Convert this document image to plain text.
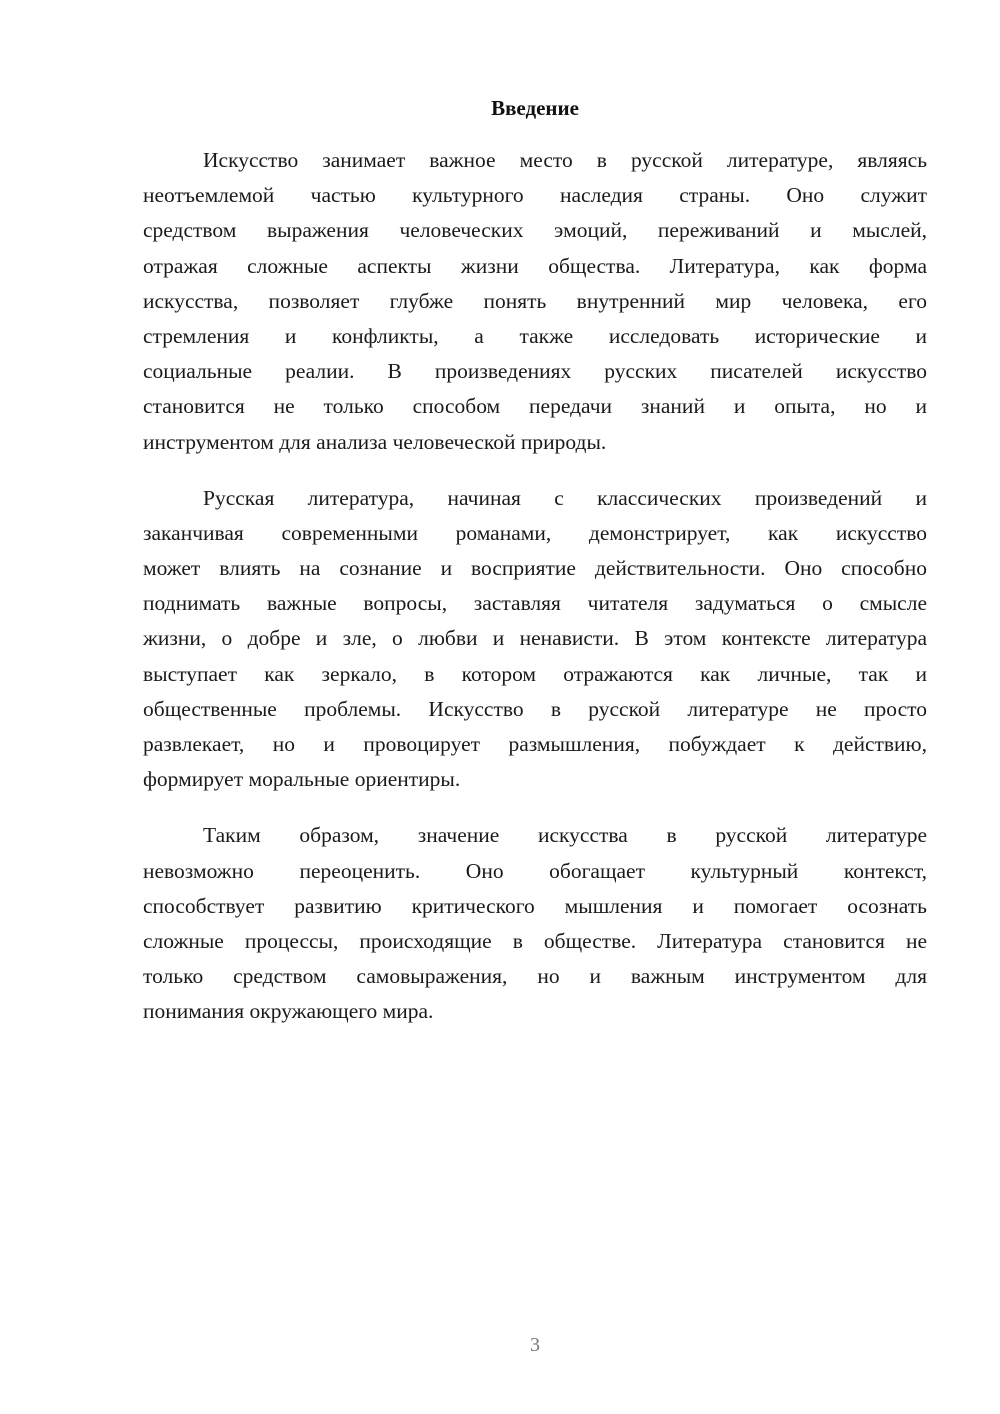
Введение
Искусство занимает важное место в русской литературе, являясь
неотъемлемой частью культурного наследия страны. Оно служит
средством выражения человеческих эмоций, переживаний и мыслей,
отражая сложные аспекты жизни общества. Литература, как форма
искусства, позволяет глубже понять внутренний мир человека, его
стремления и конфликты, а также исследовать исторические и
социальные реалии. В произведениях русских писателей искусство
становится не только способом передачи знаний и опыта, но и
инструментом для анализа человеческой природы.
Русская литература, начиная с классических произведений и
заканчивая современными романами, демонстрирует, как искусство
может влиять на сознание и восприятие действительности. Оно способно
поднимать важные вопросы, заставляя читателя задуматься о смысле
жизни, о добре и зле, о любви и ненависти. В этом контексте литература
выступает как зеркало, в котором отражаются как личные, так и
общественные проблемы. Искусство в русской литературе не просто
развлекает, но и провоцирует размышления, побуждает к действию,
формирует моральные ориентиры.
Таким образом, значение искусства в русской литературе
невозможно переоценить. Оно обогащает культурный контекст,
способствует развитию критического мышления и помогает осознать
сложные процессы, происходящие в обществе. Литература становится не
только средством самовыражения, но и важным инструментом для
понимания окружающего мира.
3
